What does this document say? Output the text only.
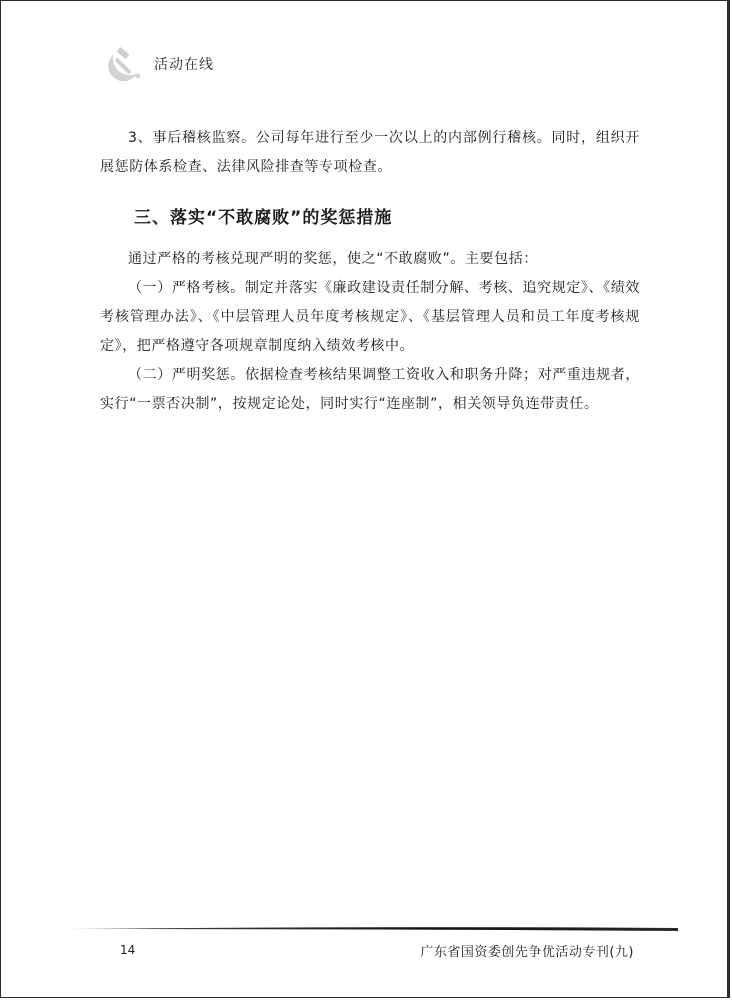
活动在线

3、事后稽核监察。公司每年进行至少一次以上的内部例行稽核。同时，组织开展惩防体系检查、法律风险排查等专项检查。

三、落实“不敢腐败”的奖惩措施

通过严格的考核兑现严明的奖惩，使之“不敢腐败”。主要包括：

（一）严格考核。制定并落实《廉政建设责任制分解、考核、追究规定》、《绩效考核管理办法》、《中层管理人员年度考核规定》、《基层管理人员和员工年度考核规定》，把严格遵守各项规章制度纳入绩效考核中。

（二）严明奖惩。依据检查考核结果调整工资收入和职务升降；对严重违规者，实行“一票否决制”，按规定论处，同时实行“连座制”，相关领导负连带责任。

14	广东省国资委创先争优活动专刊(九)
